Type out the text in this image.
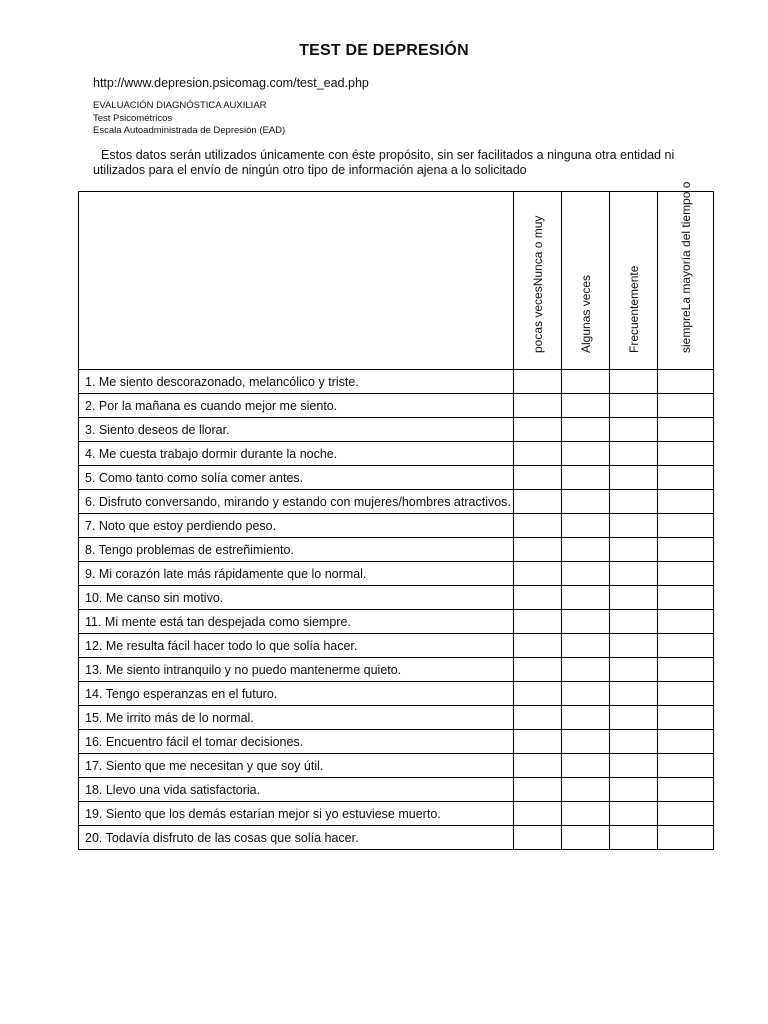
TEST DE DEPRESIÓN
http://www.depresion.psicomag.com/test_ead.php
EVALUACIÓN DIAGNÓSTICA AUXILIAR
Test Psicométricos
Escala Autoadministrada de Depresión (EAD)
Estos datos serán utilizados únicamente con éste propósito, sin ser facilitados a ninguna otra entidad ni utilizados para el envío de ningún otro tipo de información ajena a lo solicitado

	pocas vecesNunca o muy	Algunas veces	Frecuentemente	siempreLa mayoría del tiempo o

1. Me siento descorazonado, melancólico y triste.				
2. Por la mañana es cuando mejor me siento.				
3. Siento deseos de llorar.				
4. Me cuesta trabajo dormir durante la noche.				
5. Como tanto como solía comer antes.				
6. Disfruto conversando, mirando y estando con mujeres/hombres atractivos.				
7. Noto que estoy perdiendo peso.				
8. Tengo problemas de estreñimiento.				
9. Mi corazón late más rápidamente que lo normal.				
10. Me canso sin motivo.				
11. Mi mente está tan despejada como siempre.				
12. Me resulta fácil hacer todo lo que solía hacer.				
13. Me siento intranquilo y no puedo mantenerme quieto.				
14. Tengo esperanzas en el futuro.				
15. Me irrito más de lo normal.				
16. Encuentro fácil el tomar decisiones.				
17. Siento que me necesitan y que soy útil.				
18. Llevo una vida satisfactoria.				
19. Siento que los demás estarían mejor si yo estuviese muerto.				
20. Todavía disfruto de las cosas que solía hacer.				
